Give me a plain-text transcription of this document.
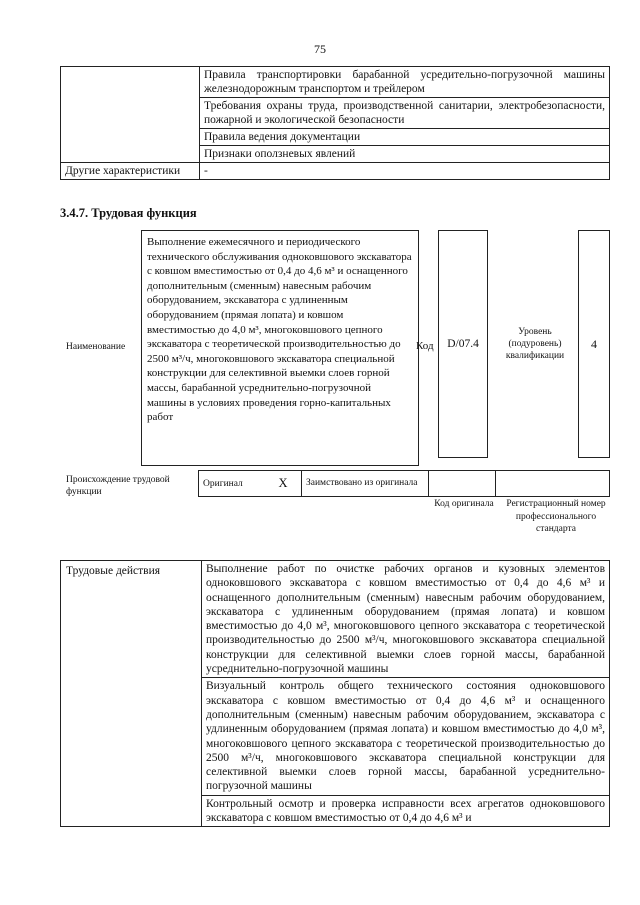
75

	Правила транспортировки барабанной усредительно-погрузочной машины железнодорожным транспортом и трейлером
Требования охраны труда, производственной санитарии, электробезопасности, пожарной и экологической безопасности
Правила ведения документации
Признаки оползневых явлений

Другие характеристики	-
3.4.7. Трудовая функция
Наименование
Выполнение ежемесячного и периодического технического обслуживания одноковшового экскаватора с ковшом вместимостью от 0,4 до 4,6 м³ и оснащенного дополнительным (сменным) навесным рабочим оборудованием, экскаватора с удлиненным оборудованием (прямая лопата) и ковшом вместимостью до 4,0 м³, многоковшового цепного экскаватора с теоретической производительностью до 2500 м³/ч, многоковшового экскаватора специальной конструкции для селективной выемки слоев горной массы, барабанной усреднительно-погрузочной машины в условиях проведения горно-капитальных работ
Код	D/07.4
Уровень (подуровень) квалификации
4
Происхождение трудовой функции
Оригинал	X	Заимствовано из оригинала		
Код оригинала Регистрационный номер профессионального стандарта
Трудовые действия	Выполнение работ по очистке рабочих органов и кузовных элементов одноковшового экскаватора с ковшом вместимостью от 0,4 до 4,6 м³ и оснащенного дополнительным (сменным) навесным рабочим оборудованием, экскаватора с удлиненным оборудованием (прямая лопата) и ковшом вместимостью до 4,0 м³, многоковшового цепного экскаватора с теоретической производительностью до 2500 м³/ч, многоковшового экскаватора специальной конструкции для селективной выемки слоев горной массы, барабанной усреднительно-погрузочной машины
Визуальный контроль общего технического состояния одноковшового экскаватора с ковшом вместимостью от 0,4 до 4,6 м³ и оснащенного дополнительным (сменным) навесным рабочим оборудованием, экскаватора с удлиненным оборудованием (прямая лопата) и ковшом вместимостью до 4,0 м³, многоковшового цепного экскаватора с теоретической производительностью до 2500 м³/ч, многоковшового экскаватора специальной конструкции для селективной выемки слоев горной массы, барабанной усреднительно-погрузочной машины
Контрольный осмотр и проверка исправности всех агрегатов одноковшового экскаватора с ковшом вместимостью от 0,4 до 4,6 м³ и
